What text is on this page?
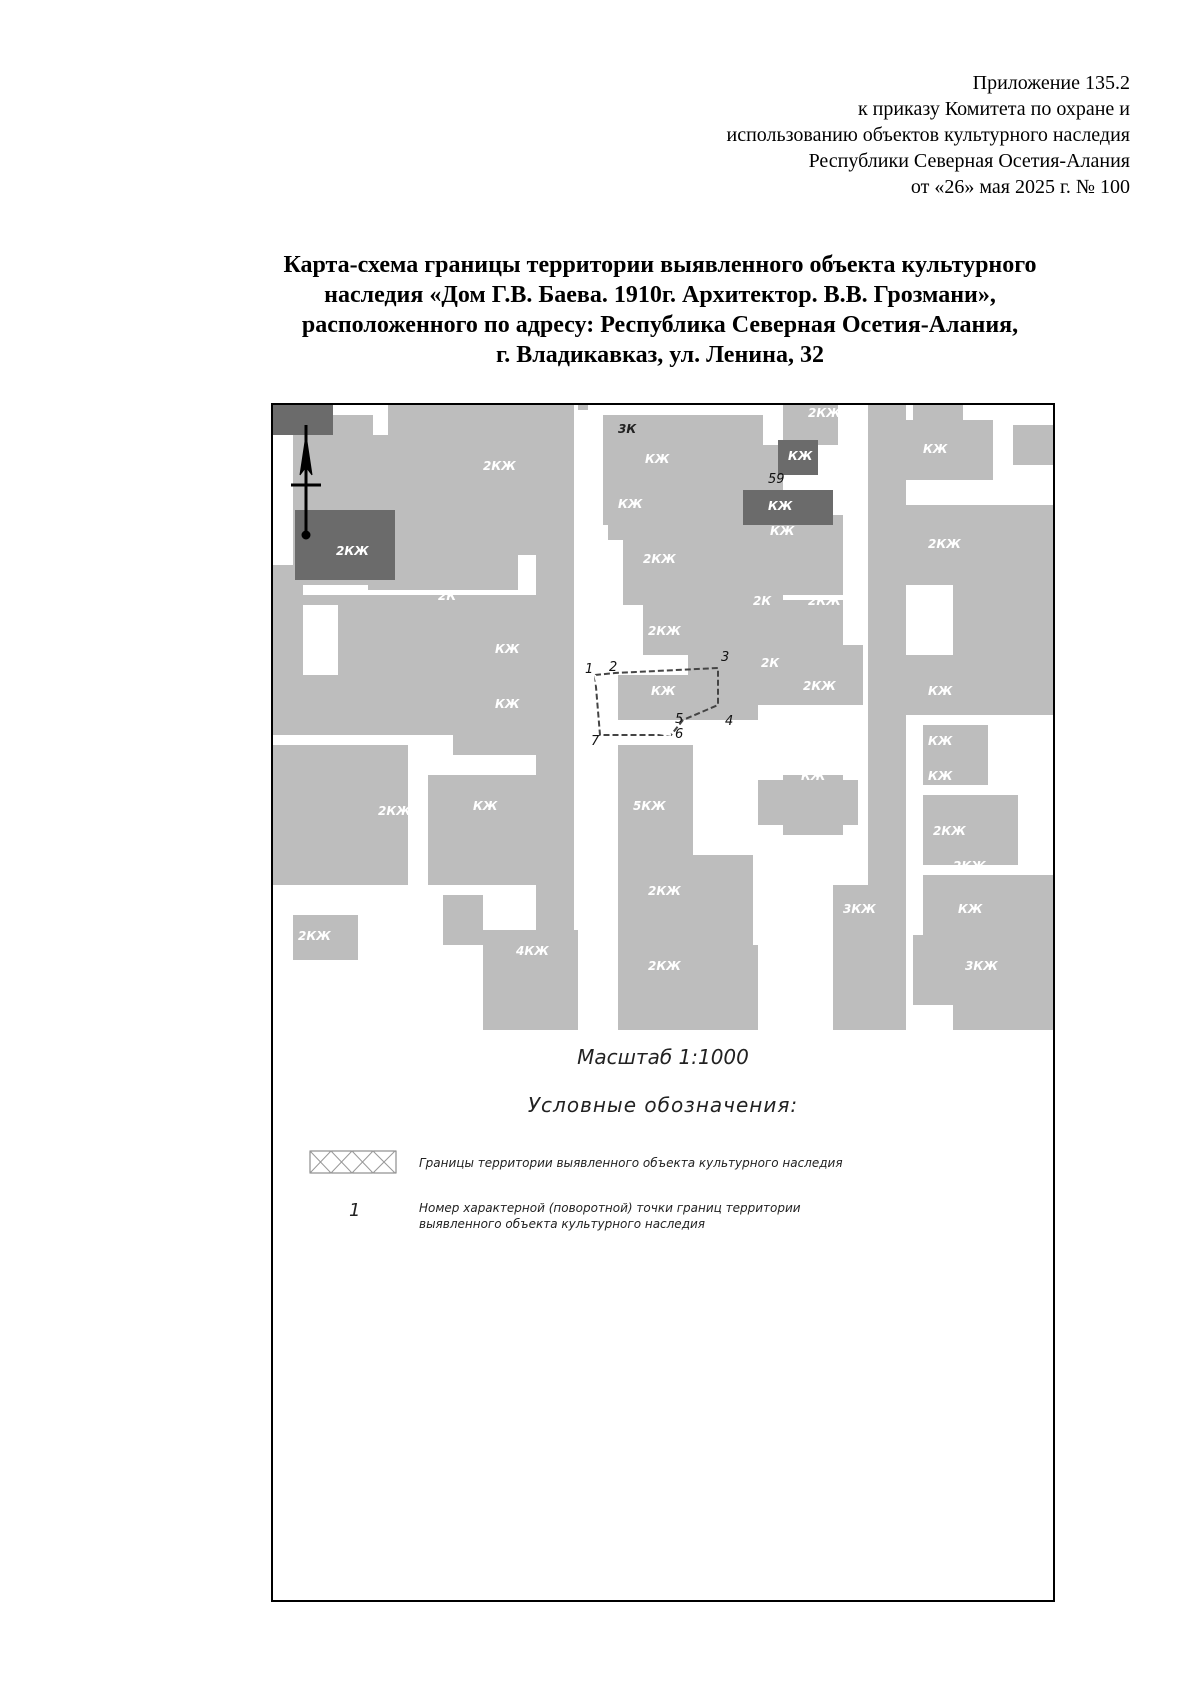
Приложение 135.2
к приказу Комитета по охране и
использованию объектов культурного наследия
Республики Северная Осетия-Алания
от «26» мая 2025 г. № 100
Карта-схема границы территории выявленного объекта культурного
наследия «Дом Г.В. Баева. 1910г. Архитектор. В.В. Грозмани»,
расположенного по адресу: Республика Северная Осетия-Алания,
г. Владикавказ, ул. Ленина, 32
2КЖ
3К
КЖ
КЖ
КЖ
КЖ
2КЖ
КЖ
КЖ
2КЖ
2К
КЖ
2КЖ
2КЖ
2К
2КЖ
2К
2КЖ
КЖ
КЖ	КЖ
КЖ
2КЖ	КЖ	5КЖ
КЖ
2КЖ
2КЖ
2КЖ
2КЖ
4КЖ
2КЖ
3КЖ	КЖ
3КЖ
КЖ
2КЖ
59
1 2
3
4
5
6
7
Масштаб 1:1000
Условные обозначения:
Границы территории выявленного объекта культурного наследия
1	Номер характерной (поворотной) точки границ территории
выявленного объекта культурного наследия
